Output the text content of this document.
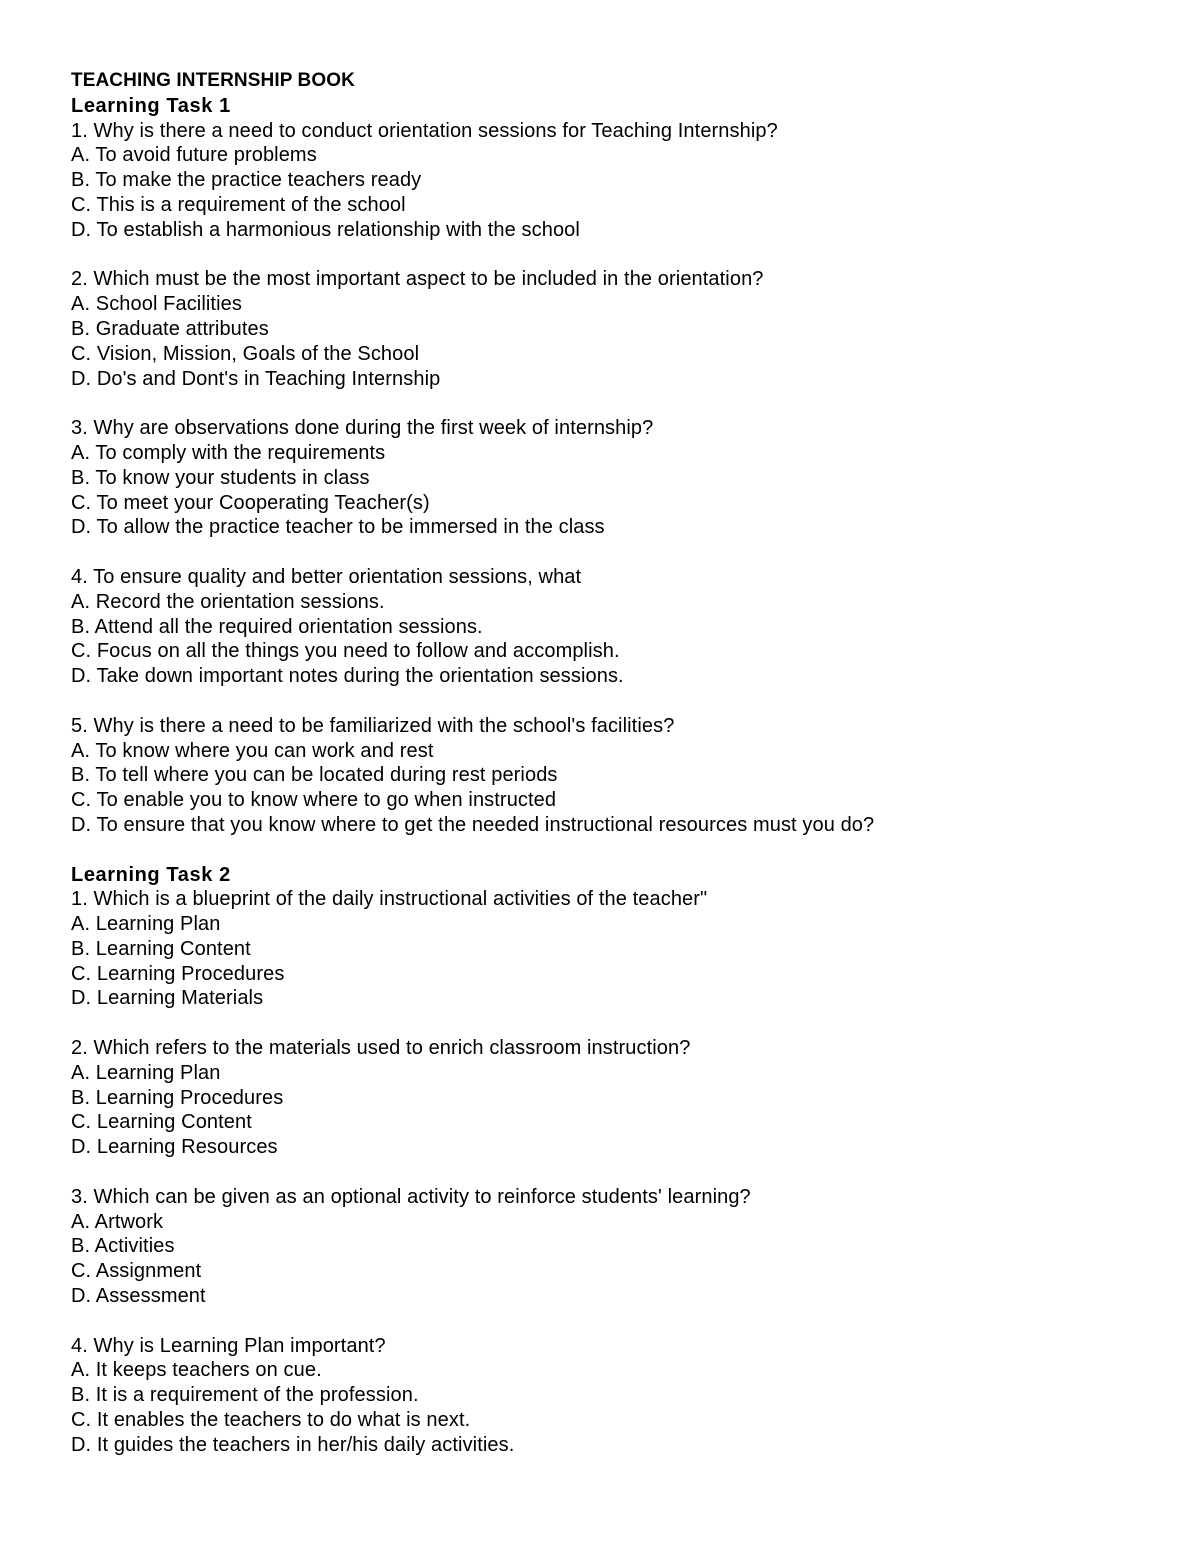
TEACHING INTERNSHIP BOOK
Learning Task 1
1. Why is there a need to conduct orientation sessions for Teaching Internship?
A. To avoid future problems
B. To make the practice teachers ready
C. This is a requirement of the school
D. To establish a harmonious relationship with the school
2. Which must be the most important aspect to be included in the orientation?
A. School Facilities
B. Graduate attributes
C. Vision, Mission, Goals of the School
D. Do's and Dont's in Teaching Internship
3. Why are observations done during the first week of internship?
A. To comply with the requirements
B. To know your students in class
C. To meet your Cooperating Teacher(s)
D. To allow the practice teacher to be immersed in the class
4. To ensure quality and better orientation sessions, what
A. Record the orientation sessions.
B. Attend all the required orientation sessions.
C. Focus on all the things you need to follow and accomplish.
D. Take down important notes during the orientation sessions.
5. Why is there a need to be familiarized with the school's facilities?
A. To know where you can work and rest
B. To tell where you can be located during rest periods
C. To enable you to know where to go when instructed
D. To ensure that you know where to get the needed instructional resources must you do?
Learning Task 2
1. Which is a blueprint of the daily instructional activities of the teacher"
A. Learning Plan
B. Learning Content
C. Learning Procedures
D. Learning Materials
2. Which refers to the materials used to enrich classroom instruction?
A. Learning Plan
B. Learning Procedures
C. Learning Content
D. Learning Resources
3. Which can be given as an optional activity to reinforce students' learning?
A. Artwork
B. Activities
C. Assignment
D. Assessment
4. Why is Learning Plan important?
A. It keeps teachers on cue.
B. It is a requirement of the profession.
C. It enables the teachers to do what is next.
D. It guides the teachers in her/his daily activities.
